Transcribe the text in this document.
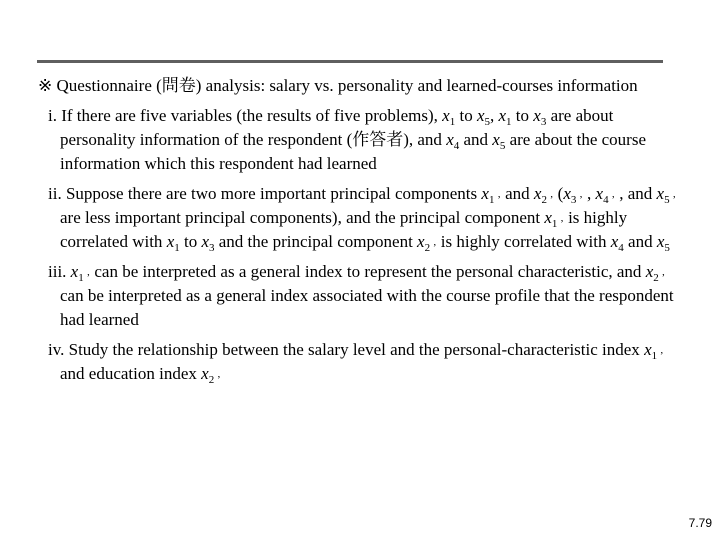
※ Questionnaire (問卷) analysis: salary vs. personality and learned-courses information
i. If there are five variables (the results of five problems), $x_1$ to $x_5$, $x_1$ to $x_3$ are about personality information of the respondent (作答者), and $x_4$ and $x_5$ are about the course information which this respondent had learned
ii. Suppose there are two more important principal components $x_{1 ’}$ and $x_{2 ’}$ ($x_{3 ’}$ , $x_{4 ’}$ , and $x_{5 ’}$ are less important principal components), and the principal component $x_{1 ’}$ is highly correlated with $x_1$ to $x_3$ and the principal component $x_{2 ’}$ is highly correlated with $x_4$ and $x_5$
iii. $x_{1 ’}$ can be interpreted as a general index to represent the personal characteristic, and $x_{2 ’}$ can be interpreted as a general index associated with the course profile that the respondent had learned
iv. Study the relationship between the salary level and the personal-characteristic index $x_{1 ’}$ and education index $x_{2 ’}$
7.79
